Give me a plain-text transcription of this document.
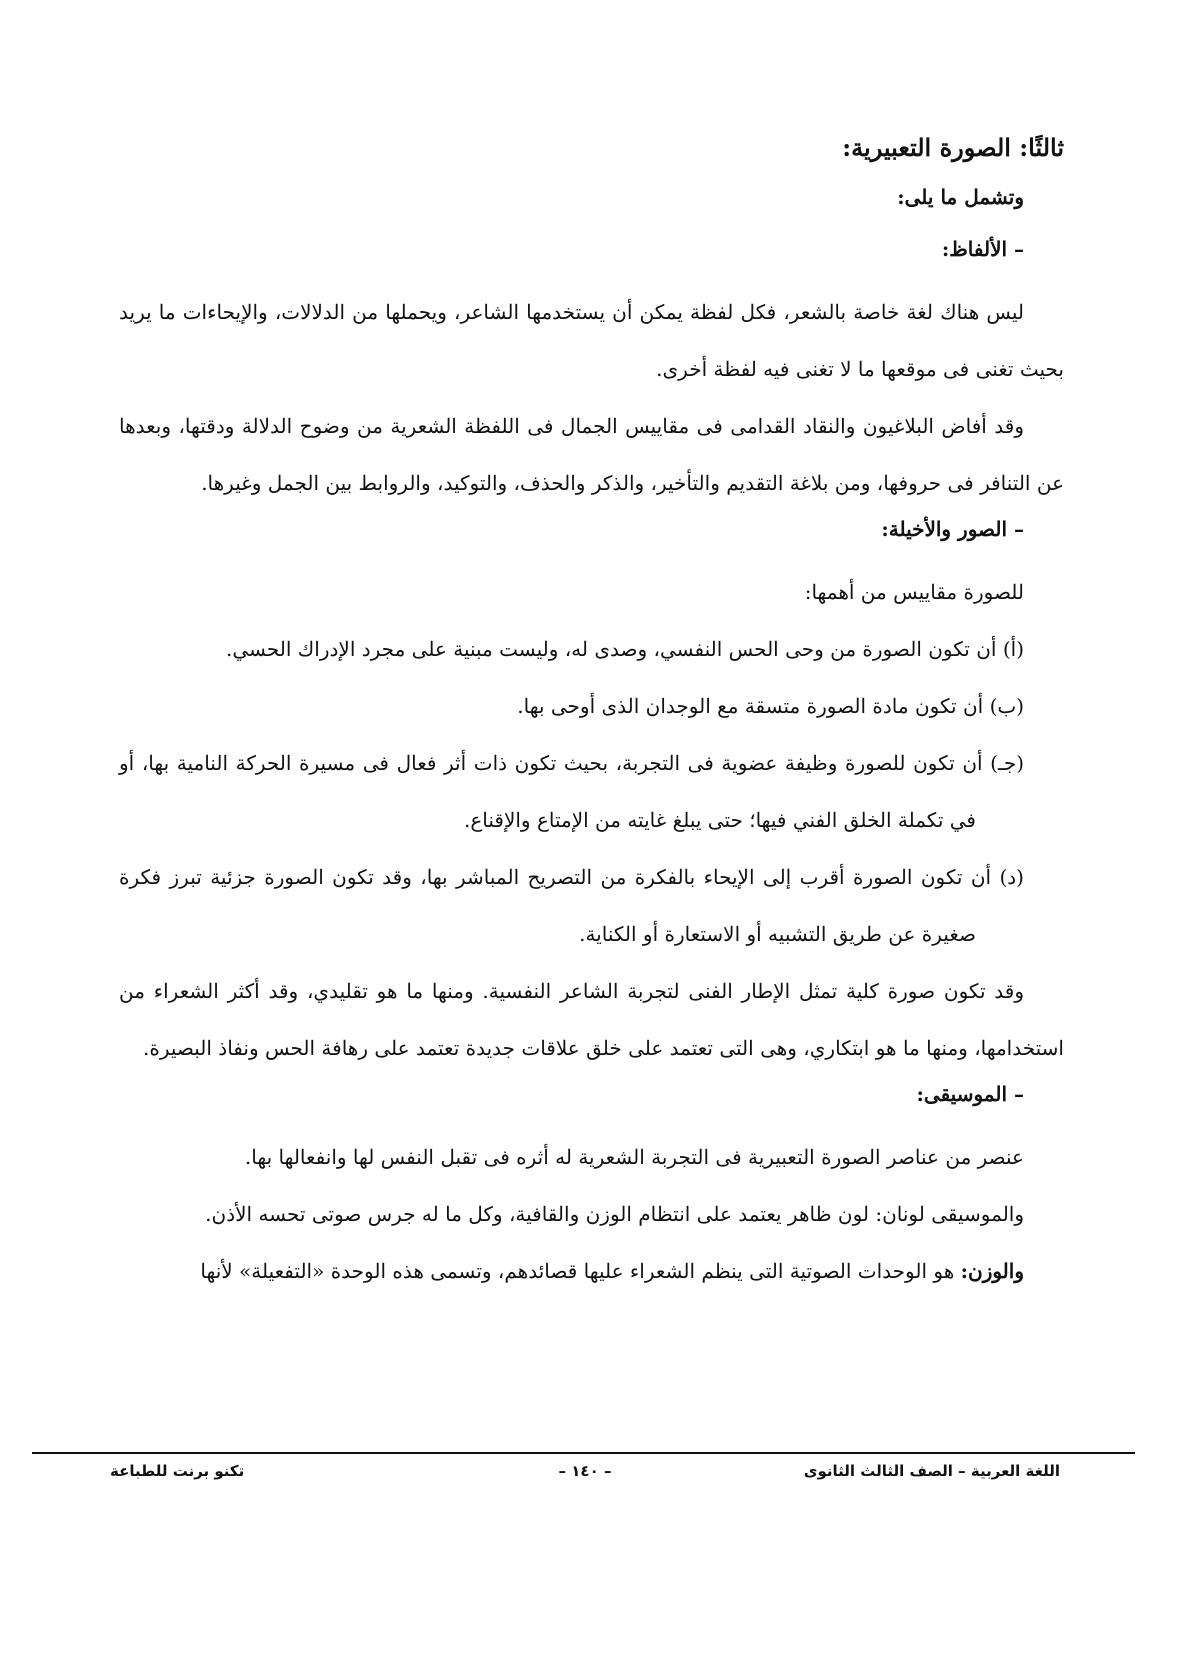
ثالثًا: الصورة التعبيرية:
وتشمل ما يلى:
– الألفاظ:

ليس هناك لغة خاصة بالشعر، فكل لفظة يمكن أن يستخدمها الشاعر، ويحملها من الدلالات، والإيحاءات ما يريد بحيث تغنى فى موقعها ما لا تغنى فيه لفظة أخرى.

وقد أفاض البلاغيون والنقاد القدامى فى مقاييس الجمال فى اللفظة الشعرية من وضوح الدلالة ودقتها، وبعدها عن التنافر فى حروفها، ومن بلاغة التقديم والتأخير، والذكر والحذف، والتوكيد، والروابط بين الجمل وغيرها.

– الصور والأخيلة:

للصورة مقاييس من أهمها:

(أ) أن تكون الصورة من وحى الحس النفسي، وصدى له، وليست مبنية على مجرد الإدراك الحسي.

(ب) أن تكون مادة الصورة متسقة مع الوجدان الذى أوحى بها.

(جـ) أن تكون للصورة وظيفة عضوية فى التجربة، بحيث تكون ذات أثر فعال فى مسيرة الحركة النامية بها، أو في تكملة الخلق الفني فيها؛ حتى يبلغ غايته من الإمتاع والإقناع.

(د) أن تكون الصورة أقرب إلى الإيحاء بالفكرة من التصريح المباشر بها، وقد تكون الصورة جزئية تبرز فكرة صغيرة عن طريق التشبيه أو الاستعارة أو الكناية.

وقد تكون صورة كلية تمثل الإطار الفنى لتجربة الشاعر النفسية. ومنها ما هو تقليدي، وقد أكثر الشعراء من استخدامها، ومنها ما هو ابتكاري، وهى التى تعتمد على خلق علاقات جديدة تعتمد على رهافة الحس ونفاذ البصيرة.

– الموسيقى:

عنصر من عناصر الصورة التعبيرية فى التجربة الشعرية له أثره فى تقبل النفس لها وانفعالها بها.

والموسيقى لونان: لون ظاهر يعتمد على انتظام الوزن والقافية، وكل ما له جرس صوتى تحسه الأذن.

والوزن: هو الوحدات الصوتية التى ينظم الشعراء عليها قصائدهم، وتسمى هذه الوحدة «التفعيلة» لأنها

اللغة العربية – الصف الثالث الثانوى
– ١٤٠ –
تكنو برنت للطباعة
